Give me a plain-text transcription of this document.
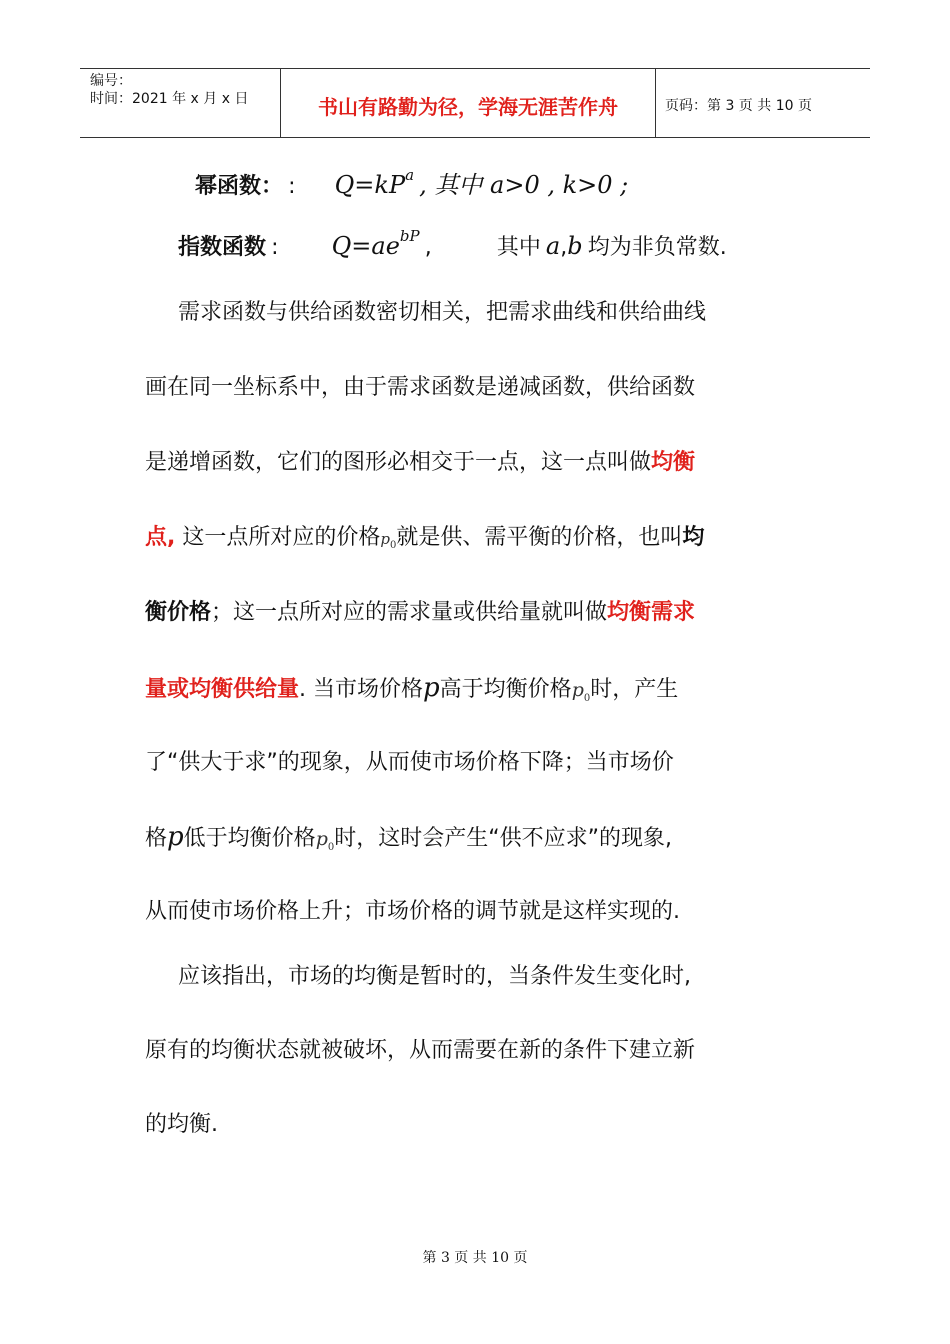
编号：
时间：2021 年 x 月 x 日	书山有路勤为径，学海无涯苦作舟	页码：第 3 页 共 10 页
幂函数： : $Q=kP^a$ , 其中 a>0 , k>0 ;
指数函数 : $Q=ae^{bP}$ ,	其中 a,b 均为非负常数.
需求函数与供给函数密切相关，把需求曲线和供给曲线
画在同一坐标系中，由于需求函数是递减函数，供给函数
是递增函数，它们的图形必相交于一点，这一点叫做均衡
点, 这一点所对应的价格$p_0$就是供、需平衡的价格，也叫均
衡价格；这一点所对应的需求量或供给量就叫做均衡需求
量或均衡供给量. 当市场价格p高于均衡价格$p_0$时，产生
了“供大于求”的现象，从而使市场价格下降；当市场价
格p低于均衡价格$p_0$时，这时会产生“供不应求”的现象,
从而使市场价格上升；市场价格的调节就是这样实现的.
应该指出，市场的均衡是暂时的，当条件发生变化时,
原有的均衡状态就被破坏，从而需要在新的条件下建立新
的均衡.
第 3 页 共 10 页
